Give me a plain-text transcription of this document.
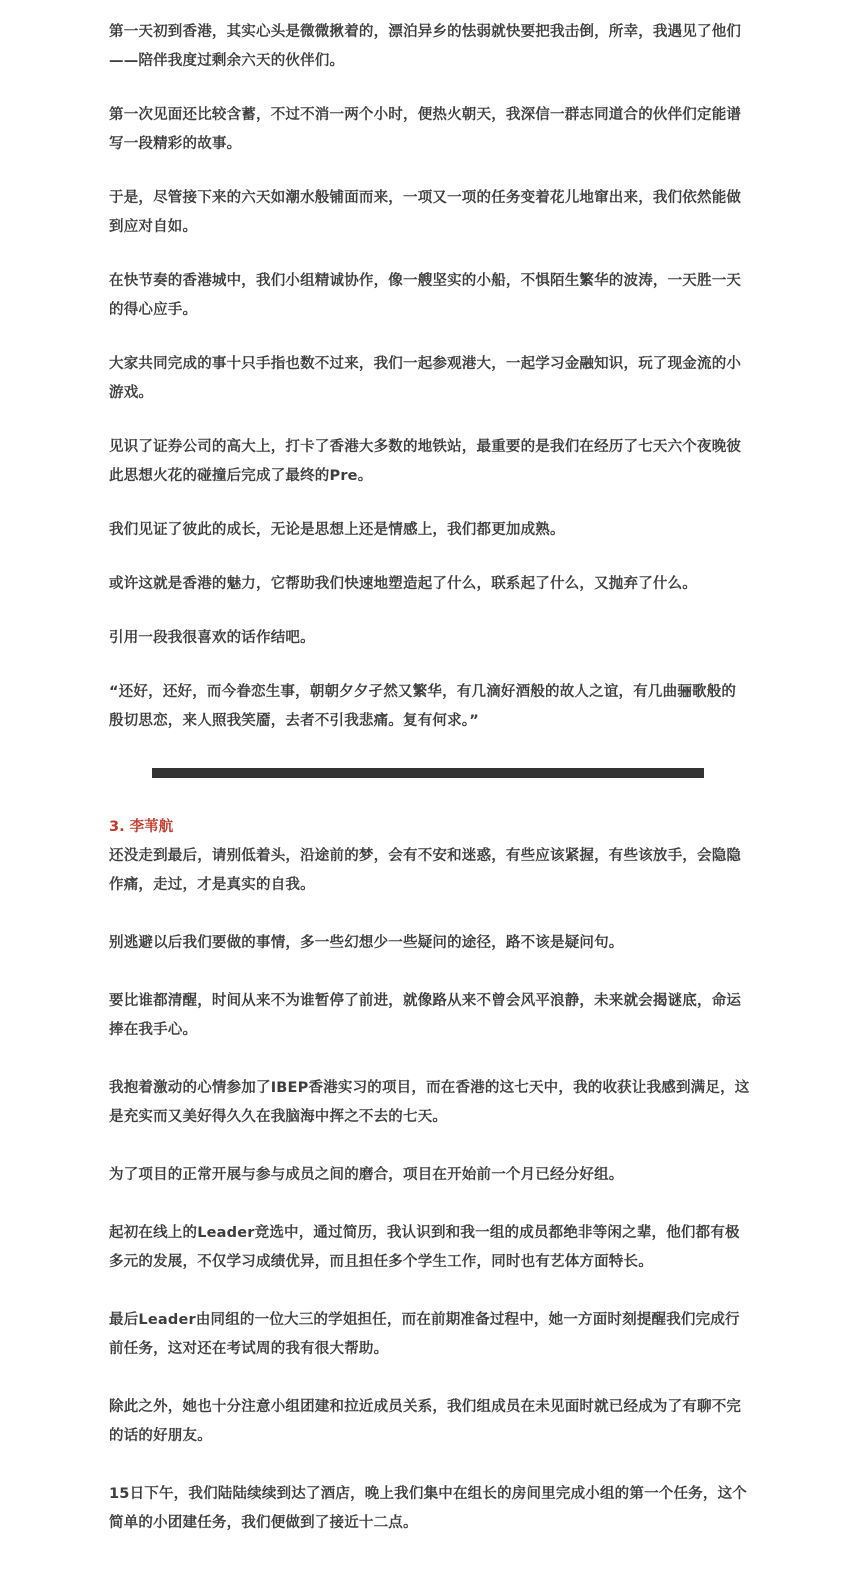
第一天初到香港，其实心头是微微揪着的，漂泊异乡的怯弱就快要把我击倒，所幸，我遇见了他们——陪伴我度过剩余六天的伙伴们。

第一次见面还比较含蓄，不过不消一两个小时，便热火朝天，我深信一群志同道合的伙伴们定能谱写一段精彩的故事。

于是，尽管接下来的六天如潮水般铺面而来，一项又一项的任务变着花儿地窜出来，我们依然能做到应对自如。

在快节奏的香港城中，我们小组精诚协作，像一艘坚实的小船，不惧陌生繁华的波涛，一天胜一天的得心应手。

大家共同完成的事十只手指也数不过来，我们一起参观港大，一起学习金融知识，玩了现金流的小游戏。

见识了证券公司的高大上，打卡了香港大多数的地铁站，最重要的是我们在经历了七天六个夜晚彼此思想火花的碰撞后完成了最终的Pre。

我们见证了彼此的成长，无论是思想上还是情感上，我们都更加成熟。

或许这就是香港的魅力，它帮助我们快速地塑造起了什么，联系起了什么，又抛弃了什么。

引用一段我很喜欢的话作结吧。

“还好，还好，而今眷恋生事，朝朝夕夕孑然又繁华，有几滴好酒般的故人之谊，有几曲骊歌般的殷切思恋，来人照我笑靥，去者不引我悲痛。复有何求。”

3. 李苇航

还没走到最后，请别低着头，沿途前的梦，会有不安和迷惑，有些应该紧握，有些该放手，会隐隐作痛，走过，才是真实的自我。

别逃避以后我们要做的事情，多一些幻想少一些疑问的途径，路不该是疑问句。

要比谁都清醒，时间从来不为谁暂停了前进，就像路从来不曾会风平浪静，未来就会揭谜底，命运捧在我手心。

我抱着激动的心情参加了IBEP香港实习的项目，而在香港的这七天中，我的收获让我感到满足，这是充实而又美好得久久在我脑海中挥之不去的七天。

为了项目的正常开展与参与成员之间的磨合，项目在开始前一个月已经分好组。

起初在线上的Leader竞选中，通过简历，我认识到和我一组的成员都绝非等闲之辈，他们都有极多元的发展，不仅学习成绩优异，而且担任多个学生工作，同时也有艺体方面特长。

最后Leader由同组的一位大三的学姐担任，而在前期准备过程中，她一方面时刻提醒我们完成行前任务，这对还在考试周的我有很大帮助。

除此之外，她也十分注意小组团建和拉近成员关系，我们组成员在未见面时就已经成为了有聊不完的话的好朋友。

15日下午，我们陆陆续续到达了酒店，晚上我们集中在组长的房间里完成小组的第一个任务，这个简单的小团建任务，我们便做到了接近十二点。
